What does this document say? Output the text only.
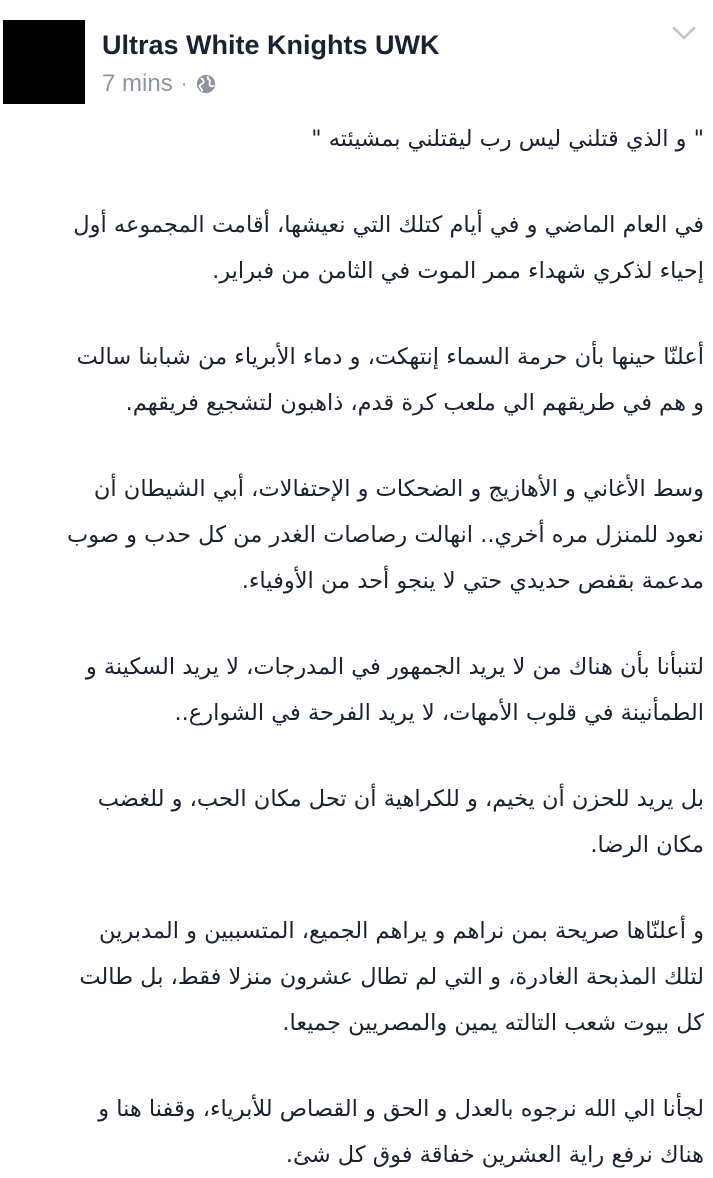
Ultras White Knights UWK
7 mins ·
" و الذي قتلني ليس رب ليقتلني بمشيئته "
في العام الماضي و في أيام كتلك التي نعيشها، أقامت المجموعه أول
إحياء لذكري شهداء ممر الموت في الثامن من فبراير.
أعلنّا حينها بأن حرمة السماء إنتهكت، و دماء الأبرياء من شبابنا سالت
و هم في طريقهم الي ملعب كرة قدم، ذاهبون لتشجيع فريقهم.
وسط الأغاني و الأهازيج و الضحكات و الإحتفالات، أبي الشيطان أن
نعود للمنزل مره أخري.. انهالت رصاصات الغدر من كل حدب و صوب
مدعمة بقفص حديدي حتي لا ينجو أحد من الأوفياء.
لتنبأنا بأن هناك من لا يريد الجمهور في المدرجات، لا يريد السكينة و
الطمأنينة في قلوب الأمهات، لا يريد الفرحة في الشوارع..
بل يريد للحزن أن يخيم، و للكراهية أن تحل مكان الحب، و للغضب
مكان الرضا.
و أعلنّاها صريحة بمن نراهم و يراهم الجميع، المتسببين و المدبرين
لتلك المذبحة الغادرة، و التي لم تطال عشرون منزلا فقط، بل طالت
كل بيوت شعب التالته يمين والمصريين جميعا.
لجأنا الي الله نرجوه بالعدل و الحق و القصاص للأبرياء، وقفنا هنا و
هناك نرفع راية العشرين خفاقة فوق كل شئ.
